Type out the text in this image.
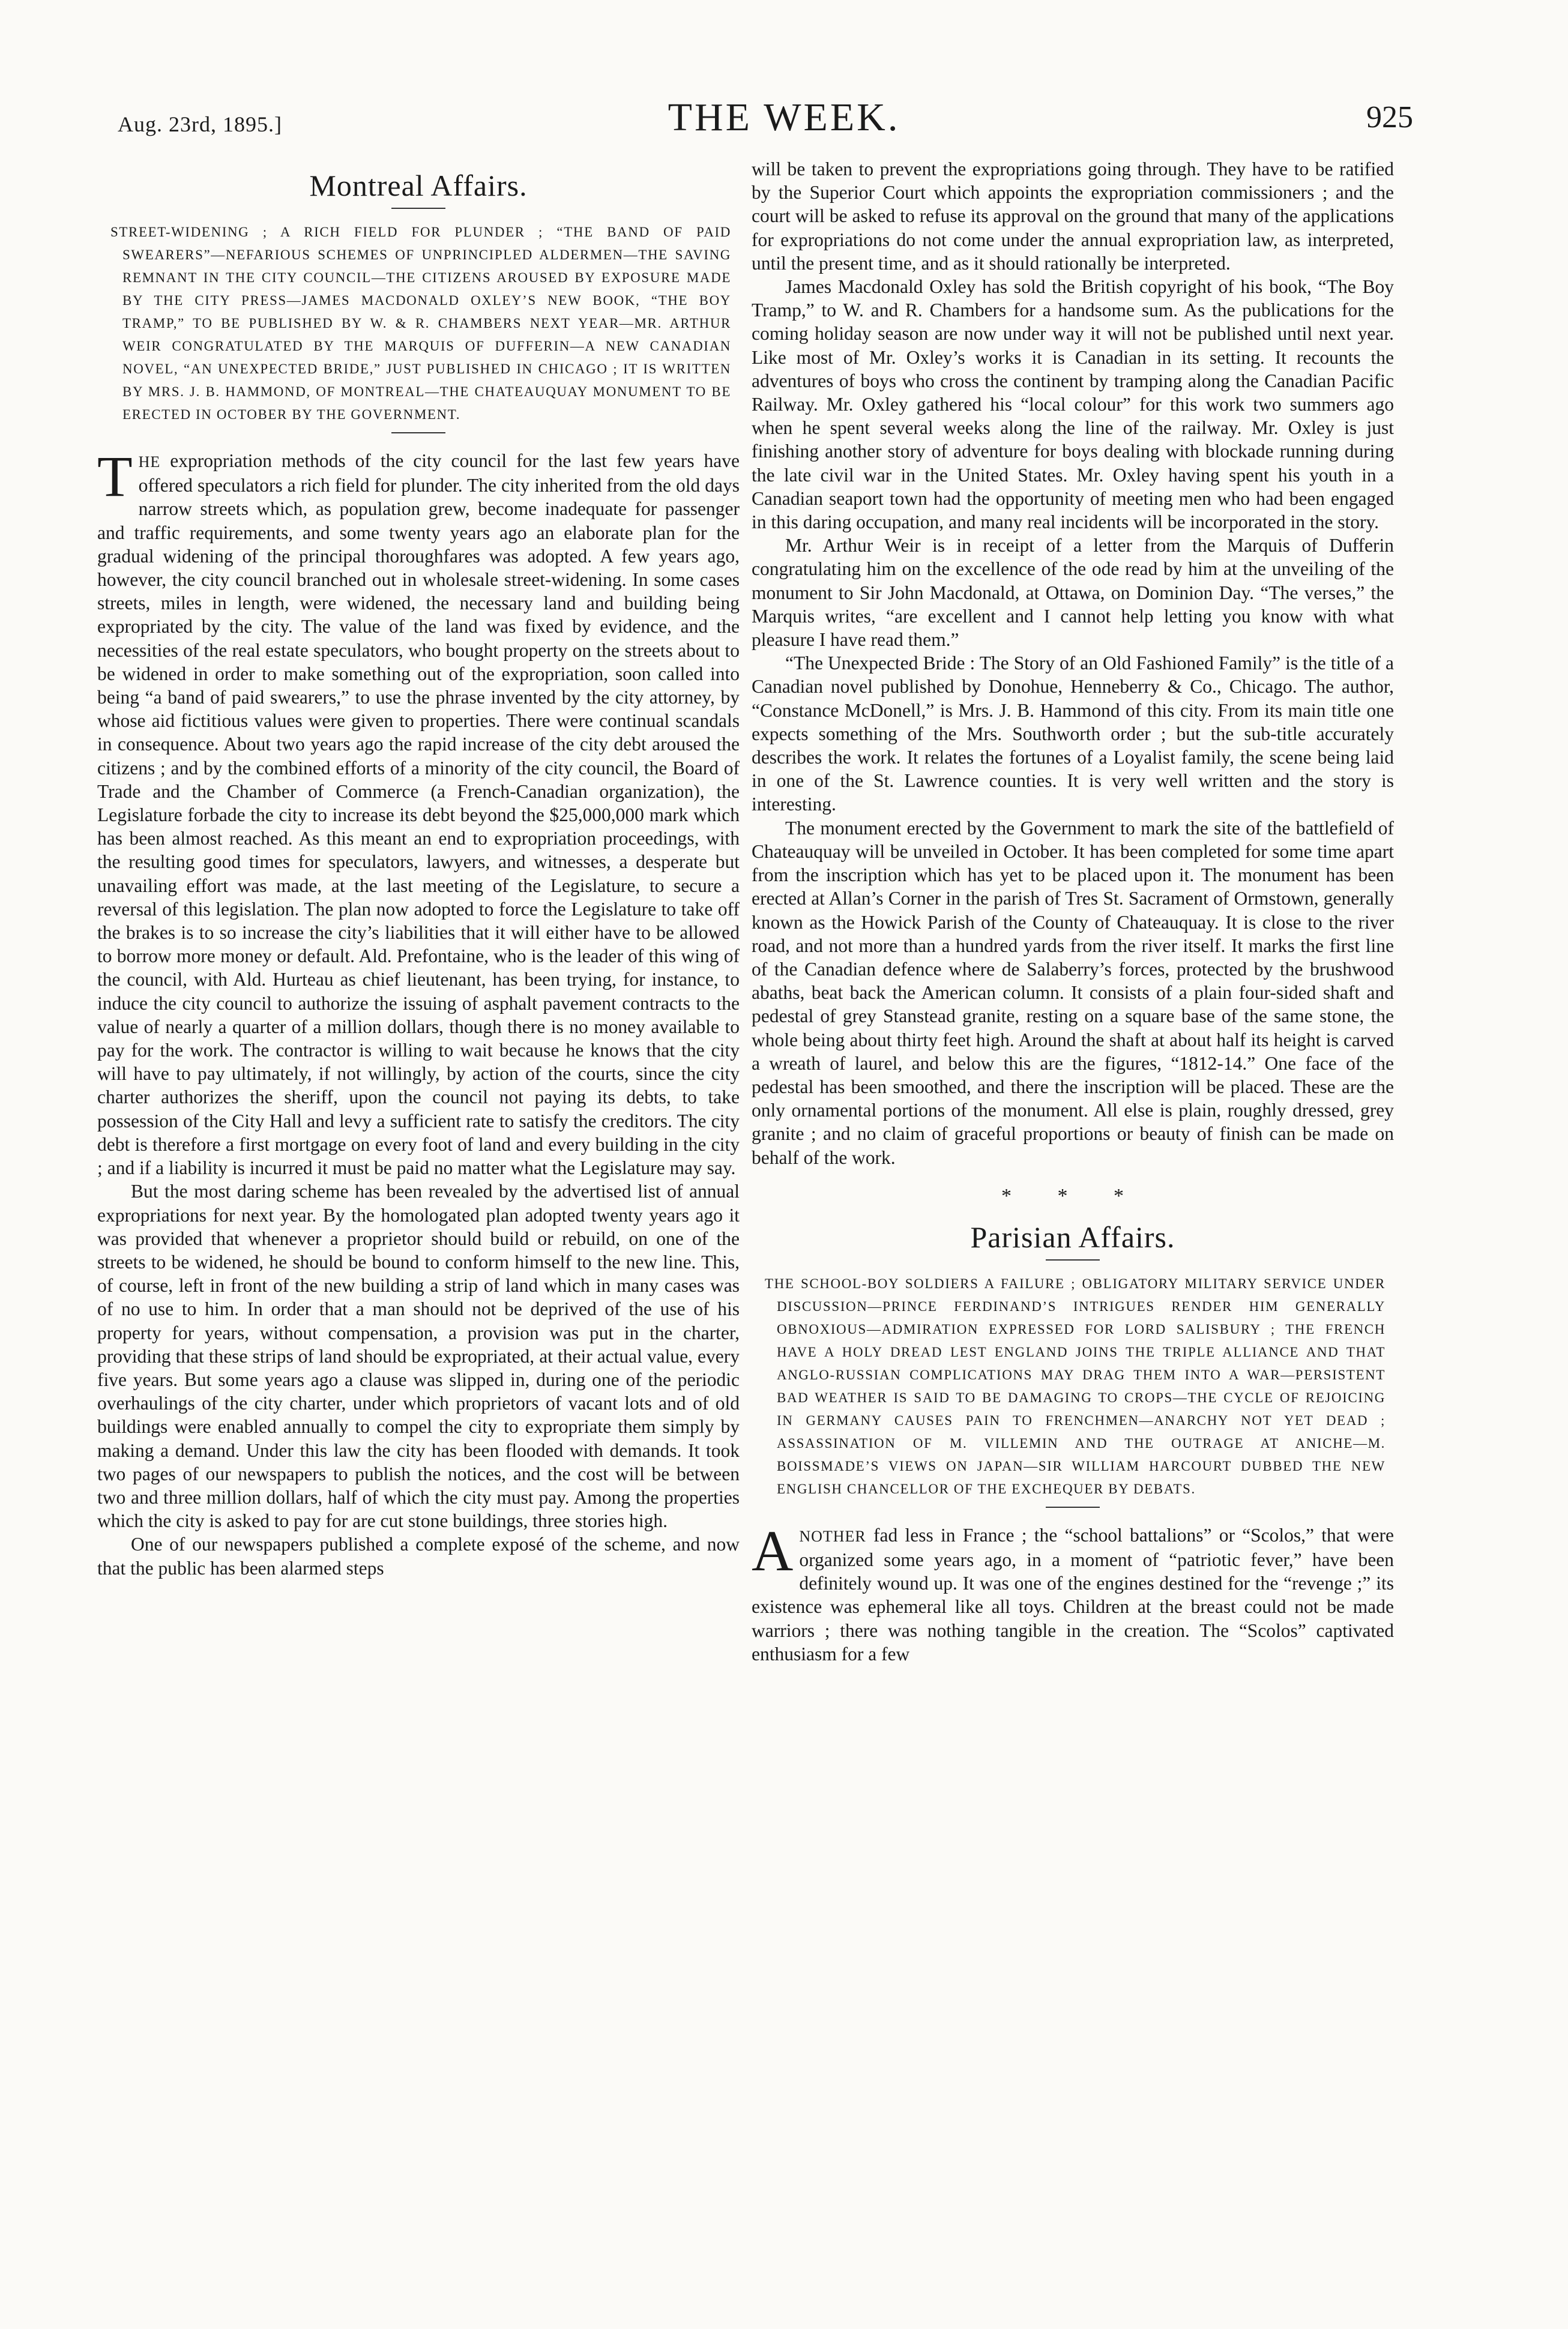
Aug. 23rd, 1895.]	THE WEEK.	925
Montreal Affairs.
STREET-WIDENING ; A RICH FIELD FOR PLUNDER ; “THE BAND OF PAID SWEARERS”—NEFARIOUS SCHEMES OF UNPRINCIPLED ALDERMEN—THE SAVING REMNANT IN THE CITY COUNCIL—THE CITIZENS AROUSED BY EXPOSURE MADE BY THE CITY PRESS—JAMES MACDONALD OXLEY’S NEW BOOK, “THE BOY TRAMP,” TO BE PUBLISHED BY W. & R. CHAMBERS NEXT YEAR—MR. ARTHUR WEIR CONGRATULATED BY THE MARQUIS OF DUFFERIN—A NEW CANADIAN NOVEL, “AN UNEXPECTED BRIDE,” JUST PUBLISHED IN CHICAGO ; IT IS WRITTEN BY MRS. J. B. HAMMOND, OF MONTREAL—THE CHATEAUQUAY MONUMENT TO BE ERECTED IN OCTOBER BY THE GOVERNMENT.

THE expropriation methods of the city council for the last few years have offered speculators a rich field for plunder. The city inherited from the old days narrow streets which, as population grew, become inadequate for passenger and traffic requirements, and some twenty years ago an elaborate plan for the gradual widening of the principal thoroughfares was adopted. A few years ago, however, the city council branched out in wholesale street-widening. In some cases streets, miles in length, were widened, the necessary land and building being expropriated by the city. The value of the land was fixed by evidence, and the necessities of the real estate speculators, who bought property on the streets about to be widened in order to make something out of the expropriation, soon called into being “a band of paid swearers,” to use the phrase invented by the city attorney, by whose aid fictitious values were given to properties. There were continual scandals in consequence. About two years ago the rapid increase of the city debt aroused the citizens ; and by the combined efforts of a minority of the city council, the Board of Trade and the Chamber of Commerce (a French-Canadian organization), the Legislature forbade the city to increase its debt beyond the $25,000,000 mark which has been almost reached. As this meant an end to expropriation proceedings, with the resulting good times for speculators, lawyers, and witnesses, a desperate but unavailing effort was made, at the last meeting of the Legislature, to secure a reversal of this legislation. The plan now adopted to force the Legislature to take off the brakes is to so increase the city’s liabilities that it will either have to be allowed to borrow more money or default. Ald. Prefontaine, who is the leader of this wing of the council, with Ald. Hurteau as chief lieutenant, has been trying, for instance, to induce the city council to authorize the issuing of asphalt pavement contracts to the value of nearly a quarter of a million dollars, though there is no money available to pay for the work. The contractor is willing to wait because he knows that the city will have to pay ultimately, if not willingly, by action of the courts, since the city charter authorizes the sheriff, upon the council not paying its debts, to take possession of the City Hall and levy a sufficient rate to satisfy the creditors. The city debt is therefore a first mortgage on every foot of land and every building in the city ; and if a liability is incurred it must be paid no matter what the Legislature may say.

But the most daring scheme has been revealed by the advertised list of annual expropriations for next year. By the homologated plan adopted twenty years ago it was provided that whenever a proprietor should build or rebuild, on one of the streets to be widened, he should be bound to conform himself to the new line. This, of course, left in front of the new building a strip of land which in many cases was of no use to him. In order that a man should not be deprived of the use of his property for years, without compensation, a provision was put in the charter, providing that these strips of land should be expropriated, at their actual value, every five years. But some years ago a clause was slipped in, during one of the periodic overhaulings of the city charter, under which proprietors of vacant lots and of old buildings were enabled annually to compel the city to expropriate them simply by making a demand. Under this law the city has been flooded with demands. It took two pages of our newspapers to publish the notices, and the cost will be between two and three million dollars, half of which the city must pay. Among the properties which the city is asked to pay for are cut stone buildings, three stories high.

One of our newspapers published a complete exposé of the scheme, and now that the public has been alarmed steps

will be taken to prevent the expropriations going through. They have to be ratified by the Superior Court which appoints the expropriation commissioners ; and the court will be asked to refuse its approval on the ground that many of the applications for expropriations do not come under the annual expropriation law, as interpreted, until the present time, and as it should rationally be interpreted.

James Macdonald Oxley has sold the British copyright of his book, “The Boy Tramp,” to W. and R. Chambers for a handsome sum. As the publications for the coming holiday season are now under way it will not be published until next year. Like most of Mr. Oxley’s works it is Canadian in its setting. It recounts the adventures of boys who cross the continent by tramping along the Canadian Pacific Railway. Mr. Oxley gathered his “local colour” for this work two summers ago when he spent several weeks along the line of the railway. Mr. Oxley is just finishing another story of adventure for boys dealing with blockade running during the late civil war in the United States. Mr. Oxley having spent his youth in a Canadian seaport town had the opportunity of meeting men who had been engaged in this daring occupation, and many real incidents will be incorporated in the story.

Mr. Arthur Weir is in receipt of a letter from the Marquis of Dufferin congratulating him on the excellence of the ode read by him at the unveiling of the monument to Sir John Macdonald, at Ottawa, on Dominion Day. “The verses,” the Marquis writes, “are excellent and I cannot help letting you know with what pleasure I have read them.”

“The Unexpected Bride : The Story of an Old Fashioned Family” is the title of a Canadian novel published by Donohue, Henneberry & Co., Chicago. The author, “Constance McDonell,” is Mrs. J. B. Hammond of this city. From its main title one expects something of the Mrs. Southworth order ; but the sub-title accurately describes the work. It relates the fortunes of a Loyalist family, the scene being laid in one of the St. Lawrence counties. It is very well written and the story is interesting.

The monument erected by the Government to mark the site of the battlefield of Chateauquay will be unveiled in October. It has been completed for some time apart from the inscription which has yet to be placed upon it. The monument has been erected at Allan’s Corner in the parish of Tres St. Sacrament of Ormstown, generally known as the Howick Parish of the County of Chateauquay. It is close to the river road, and not more than a hundred yards from the river itself. It marks the first line of the Canadian defence where de Salaberry’s forces, protected by the brushwood abaths, beat back the American column. It consists of a plain four-sided shaft and pedestal of grey Stanstead granite, resting on a square base of the same stone, the whole being about thirty feet high. Around the shaft at about half its height is carved a wreath of laurel, and below this are the figures, “1812-14.” One face of the pedestal has been smoothed, and there the inscription will be placed. These are the only ornamental portions of the monument. All else is plain, roughly dressed, grey granite ; and no claim of graceful proportions or beauty of finish can be made on behalf of the work.

* * *
Parisian Affairs.
THE SCHOOL-BOY SOLDIERS A FAILURE ; OBLIGATORY MILITARY SERVICE UNDER DISCUSSION—PRINCE FERDINAND’S INTRIGUES RENDER HIM GENERALLY OBNOXIOUS—ADMIRATION EXPRESSED FOR LORD SALISBURY ; THE FRENCH HAVE A HOLY DREAD LEST ENGLAND JOINS THE TRIPLE ALLIANCE AND THAT ANGLO-RUSSIAN COMPLICATIONS MAY DRAG THEM INTO A WAR—PERSISTENT BAD WEATHER IS SAID TO BE DAMAGING TO CROPS—THE CYCLE OF REJOICING IN GERMANY CAUSES PAIN TO FRENCHMEN—ANARCHY NOT YET DEAD ; ASSASSINATION OF M. VILLEMIN AND THE OUTRAGE AT ANICHE—M. BOISSMADE’S VIEWS ON JAPAN—SIR WILLIAM HARCOURT DUBBED THE NEW ENGLISH CHANCELLOR OF THE EXCHEQUER BY DEBATS.

ANOTHER fad less in France ; the “school battalions” or “Scolos,” that were organized some years ago, in a moment of “patriotic fever,” have been definitely wound up. It was one of the engines destined for the “revenge ;” its existence was ephemeral like all toys. Children at the breast could not be made warriors ; there was nothing tangible in the creation. The “Scolos” captivated enthusiasm for a few
